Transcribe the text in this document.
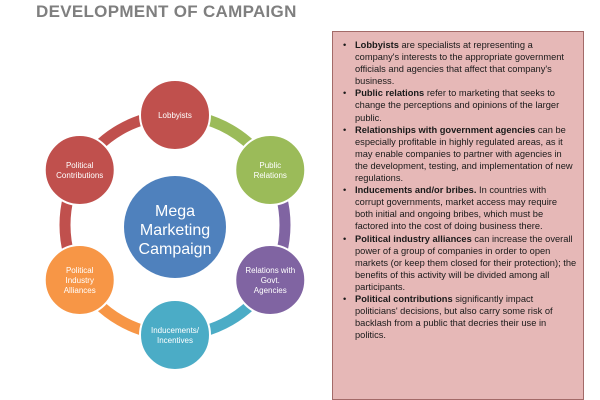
DEVELOPMENT OF CAMPAIGN
Mega
Marketing
Campaign
Lobbyists
Public
Relations
Relations with
Govt.
Agencies
Inducements/
Incentives
Political
Industry
Alliances
Political
Contributions
• Lobbyists are specialists at representing a company's interests to the appropriate government officials and agencies that affect that company's business.
• Public relations refer to marketing that seeks to change the perceptions and opinions of the larger public.
• Relationships with government agencies can be especially profitable in highly regulated areas, as it may enable companies to partner with agencies in the development, testing, and implementation of new regulations.
• Inducements and/or bribes. In countries with corrupt governments, market access may require both initial and ongoing bribes, which must be factored into the cost of doing business there.
• Political industry alliances can increase the overall power of a group of companies in order to open markets (or keep them closed for their protection); the benefits of this activity will be divided among all participants.
• Political contributions significantly impact politicians' decisions, but also carry some risk of backlash from a public that decries their use in politics.
